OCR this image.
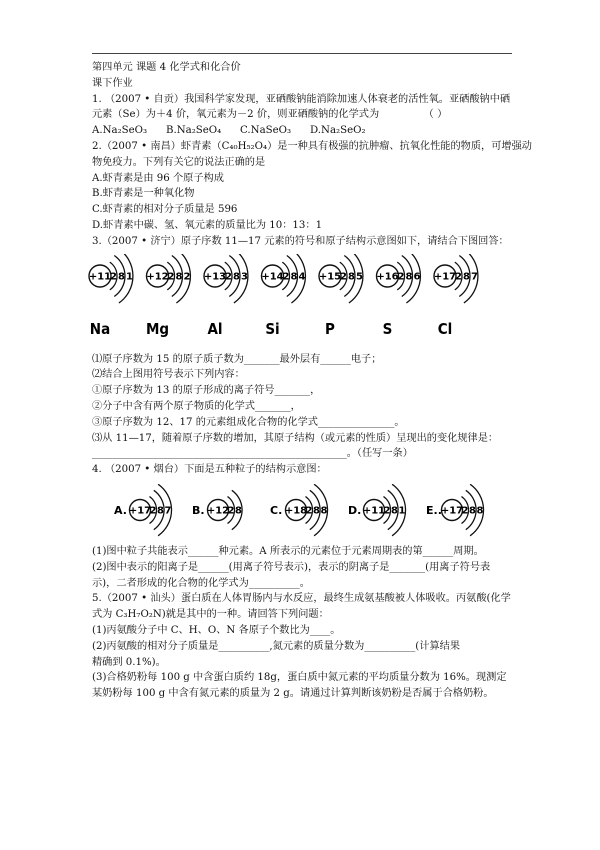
第四单元 课题 4 化学式和化合价
课下作业
1. （2007 • 自贡）我国科学家发现，亚硒酸钠能消除加速人体衰老的活性氧。亚硒酸钠中硒
元素（Se）为＋4 价，氧元素为－2 价，则亚硒酸钠的化学式为	（ ）
A.Na₂SeO₃ B.Na₂SeO₄ C.NaSeO₃ D.Na₂SeO₂
2.（2007 • 南昌）虾青素（C₄₀H₅₂O₄）是一种具有极强的抗肿瘤、抗氧化性能的物质，可增强动
物免疫力。下列有关它的说法正确的是
A.虾青素是由 96 个原子构成
B.虾青素是一种氧化物
C.虾青素的相对分子质量是 596
D.虾青素中碳、氢、氧元素的质量比为 10：13：1
3.（2007 • 济宁）原子序数 11—17 元素的符号和原子结构示意图如下，请结合下图回答：
+11
2 8 1
Na
+12
2 8 2
Mg
+13
2 8 3
Al
+14
2 8 4
Si
+15
2 8 5
P
+16
2 8 6
S
+17
2 8 7
Cl
⑴原子序数为 15 的原子质子数为_______最外层有______电子；
⑵结合上图用符号表示下列内容：
①原子序数为 13 的原子形成的离子符号_______，
②分子中含有两个原子物质的化学式_______，
③原子序数为 12、17 的元素组成化合物的化学式_______________。
⑶从 11—17，随着原子序数的增加，其原子结构（或元素的性质）呈现出的变化规律是：
__________________________________________________。（任写一条）
4. （2007 • 烟台）下面是五种粒子的结构示意图：
A. +17
2 8 7 B. +12
2 8	C. +18
2 8 8 D. +11
2 8 1 E..
+17
2 8 8
(1)图中粒子共能表示______种元素。A 所表示的元素位于元素周期表的第______周期。
(2)图中表示的阳离子是______(用离子符号表示)，表示的阴离子是_______(用离子符号表
示)，二者形成的化合物的化学式为__________。
5.（2007 • 汕头）蛋白质在人体胃肠内与水反应，最终生成氨基酸被人体吸收。丙氨酸(化学
式为 C₃H₇O₂N)就是其中的一种。请回答下列问题：
(1)丙氨酸分子中 C、H、O、N 各原子个数比为____。
(2)丙氨酸的相对分子质量是__________,氮元素的质量分数为__________(计算结果
精确到 0.1%)。
(3)合格奶粉每 100 g 中含蛋白质约 18g，蛋白质中氮元素的平均质量分数为 16%。现测定
某奶粉每 100 g 中含有氮元素的质量为 2 g。请通过计算判断该奶粉是否属于合格奶粉。
